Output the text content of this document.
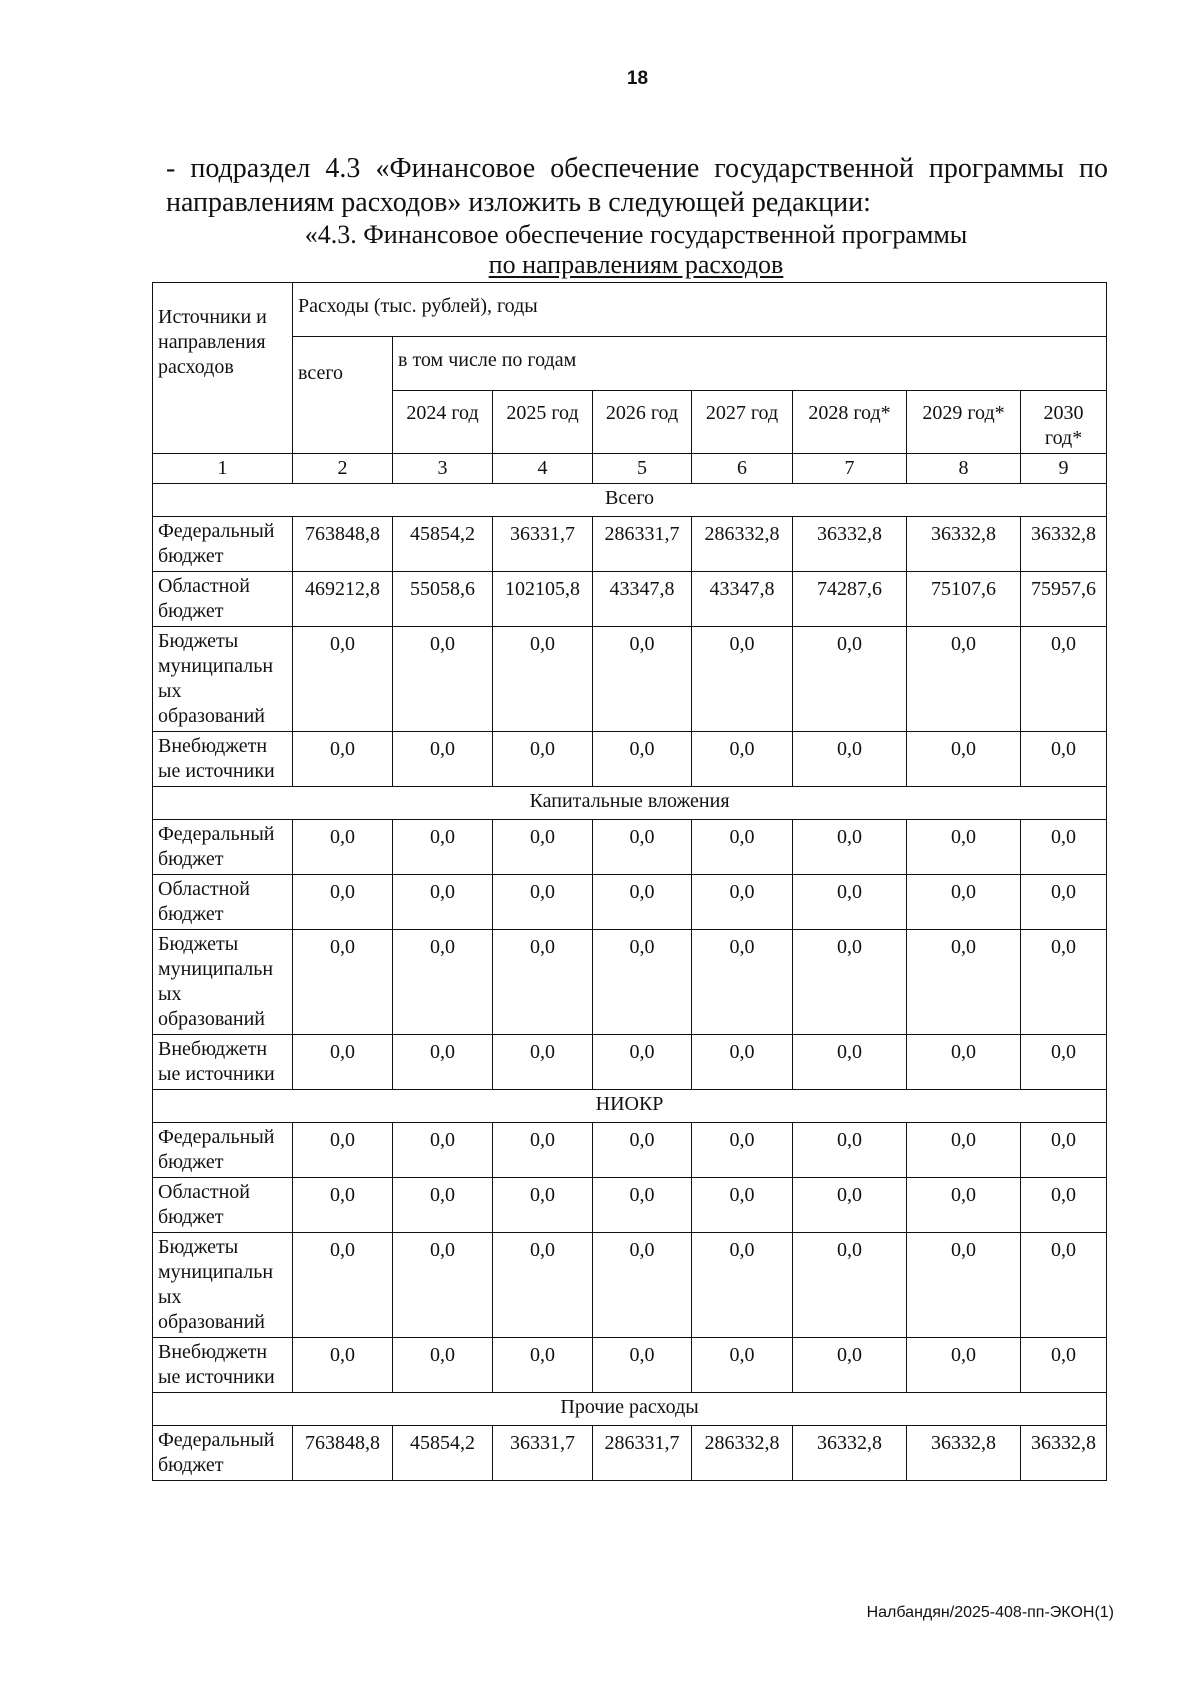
18

- подраздел 4.3 «Финансовое обеспечение государственной программы по направлениям расходов» изложить в следующей редакции:

«4.3. Финансовое обеспечение государственной программы
по направлениям расходов
Источники и направления расходов	Расходы (тыс. рублей), годы							
	всего	в том числе по годам						
		2024 год	2025 год	2026 год	2027 год	2028 год*	2029 год*	2030 год*
1	2	3	4	5	6	7	8	9
Всего								
Федеральный бюджет	763848,8	45854,2	36331,7	286331,7	286332,8	36332,8	36332,8	36332,8
Областной бюджет	469212,8	55058,6	102105,8	43347,8	43347,8	74287,6	75107,6	75957,6
Бюджеты муниципальн ых образований	0,0	0,0	0,0	0,0	0,0	0,0	0,0	0,0
Внебюджетн ые источники	0,0	0,0	0,0	0,0	0,0	0,0	0,0	0,0
Капитальные вложения								
Федеральный бюджет	0,0	0,0	0,0	0,0	0,0	0,0	0,0	0,0
Областной бюджет	0,0	0,0	0,0	0,0	0,0	0,0	0,0	0,0
Бюджеты муниципальн ых образований	0,0	0,0	0,0	0,0	0,0	0,0	0,0	0,0
Внебюджетн ые источники	0,0	0,0	0,0	0,0	0,0	0,0	0,0	0,0
НИОКР								
Федеральный бюджет	0,0	0,0	0,0	0,0	0,0	0,0	0,0	0,0
Областной бюджет	0,0	0,0	0,0	0,0	0,0	0,0	0,0	0,0
Бюджеты муниципальн ых образований	0,0	0,0	0,0	0,0	0,0	0,0	0,0	0,0
Внебюджетн ые источники	0,0	0,0	0,0	0,0	0,0	0,0	0,0	0,0
Прочие расходы								
Федеральный бюджет	763848,8	45854,2	36331,7	286331,7	286332,8	36332,8	36332,8	36332,8
Налбандян/2025-408-пп-ЭКОН(1)
